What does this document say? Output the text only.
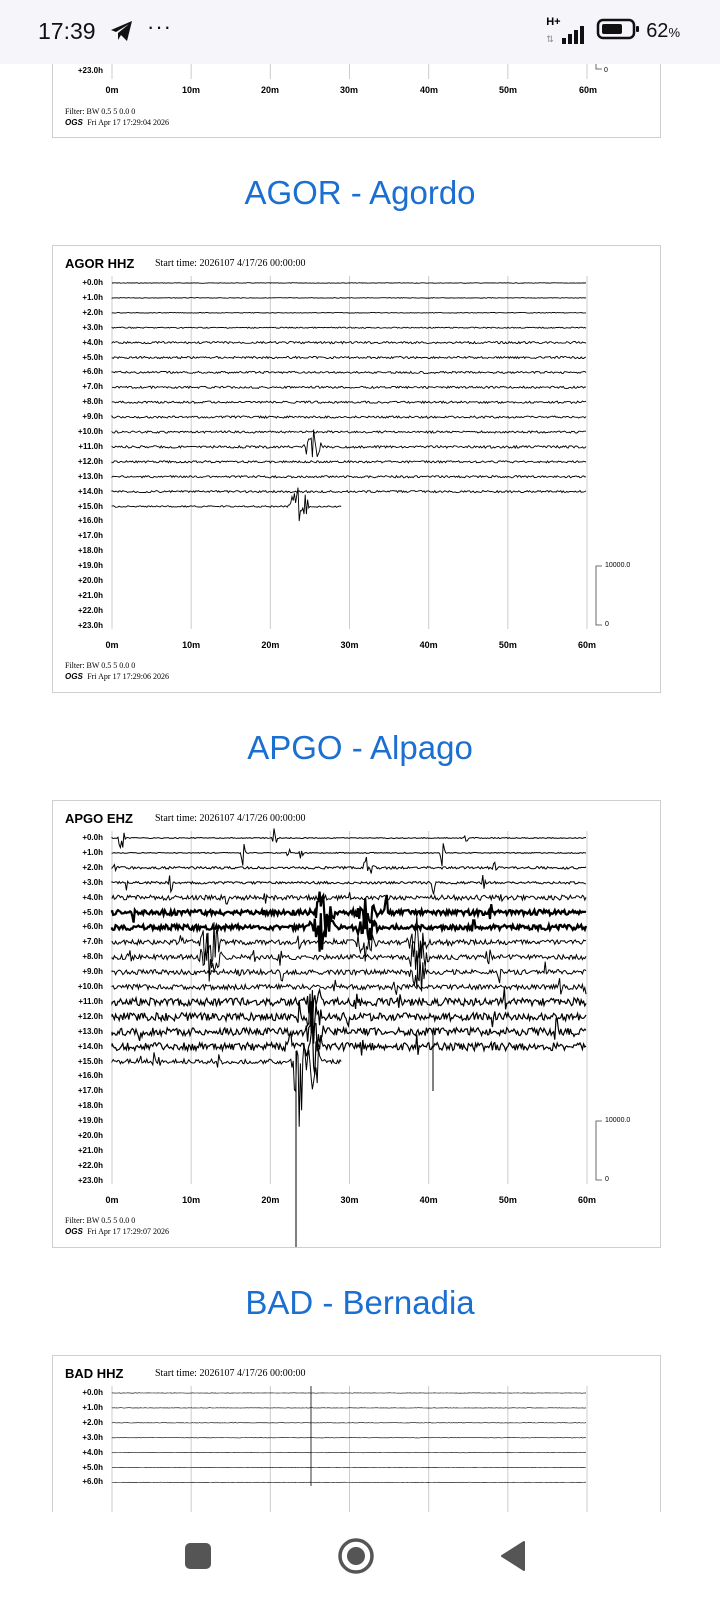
+23.0h	0
0m	10m	20m	30m	40m	50m	60m
Filter: BW 0.5 5 0.0 0
OGS Fri Apr 17 17:29:04 2026
AGOR - Agordo
AGOR HHZ Start time: 2026107 4/17/26 00:00:00
+0.0h
+1.0h
+2.0h
+3.0h
+4.0h
+5.0h
+6.0h
+7.0h
+8.0h
+9.0h
+10.0h
+11.0h
+12.0h
+13.0h
+14.0h
+15.0h
+16.0h
+17.0h
+18.0h
+19.0h
+20.0h
+21.0h
+22.0h
+23.0h
0m	10m	20m	30m	40m	50m	60m
10000.0
0
Filter: BW 0.5 5 0.0 0
OGS Fri Apr 17 17:29:06 2026
APGO - Alpago
APGO EHZ Start time: 2026107 4/17/26 00:00:00
+0.0h
+1.0h
+2.0h
+3.0h
+4.0h
+5.0h
+6.0h
+7.0h
+8.0h
+9.0h
+10.0h
+11.0h
+12.0h
+13.0h
+14.0h
+15.0h
+16.0h
+17.0h
+18.0h
+19.0h
+20.0h
+21.0h
+22.0h
+23.0h
0m	10m	20m	30m	40m	50m	60m
10000.0
0
Filter: BW 0.5 5 0.0 0
OGS Fri Apr 17 17:29:07 2026
BAD - Bernadia
BAD HHZ	Start time: 2026107 4/17/26 00:00:00
+0.0h
+1.0h
+2.0h
+3.0h
+4.0h
+5.0h
+6.0h
17:39 ···	H+
⇅	62%
